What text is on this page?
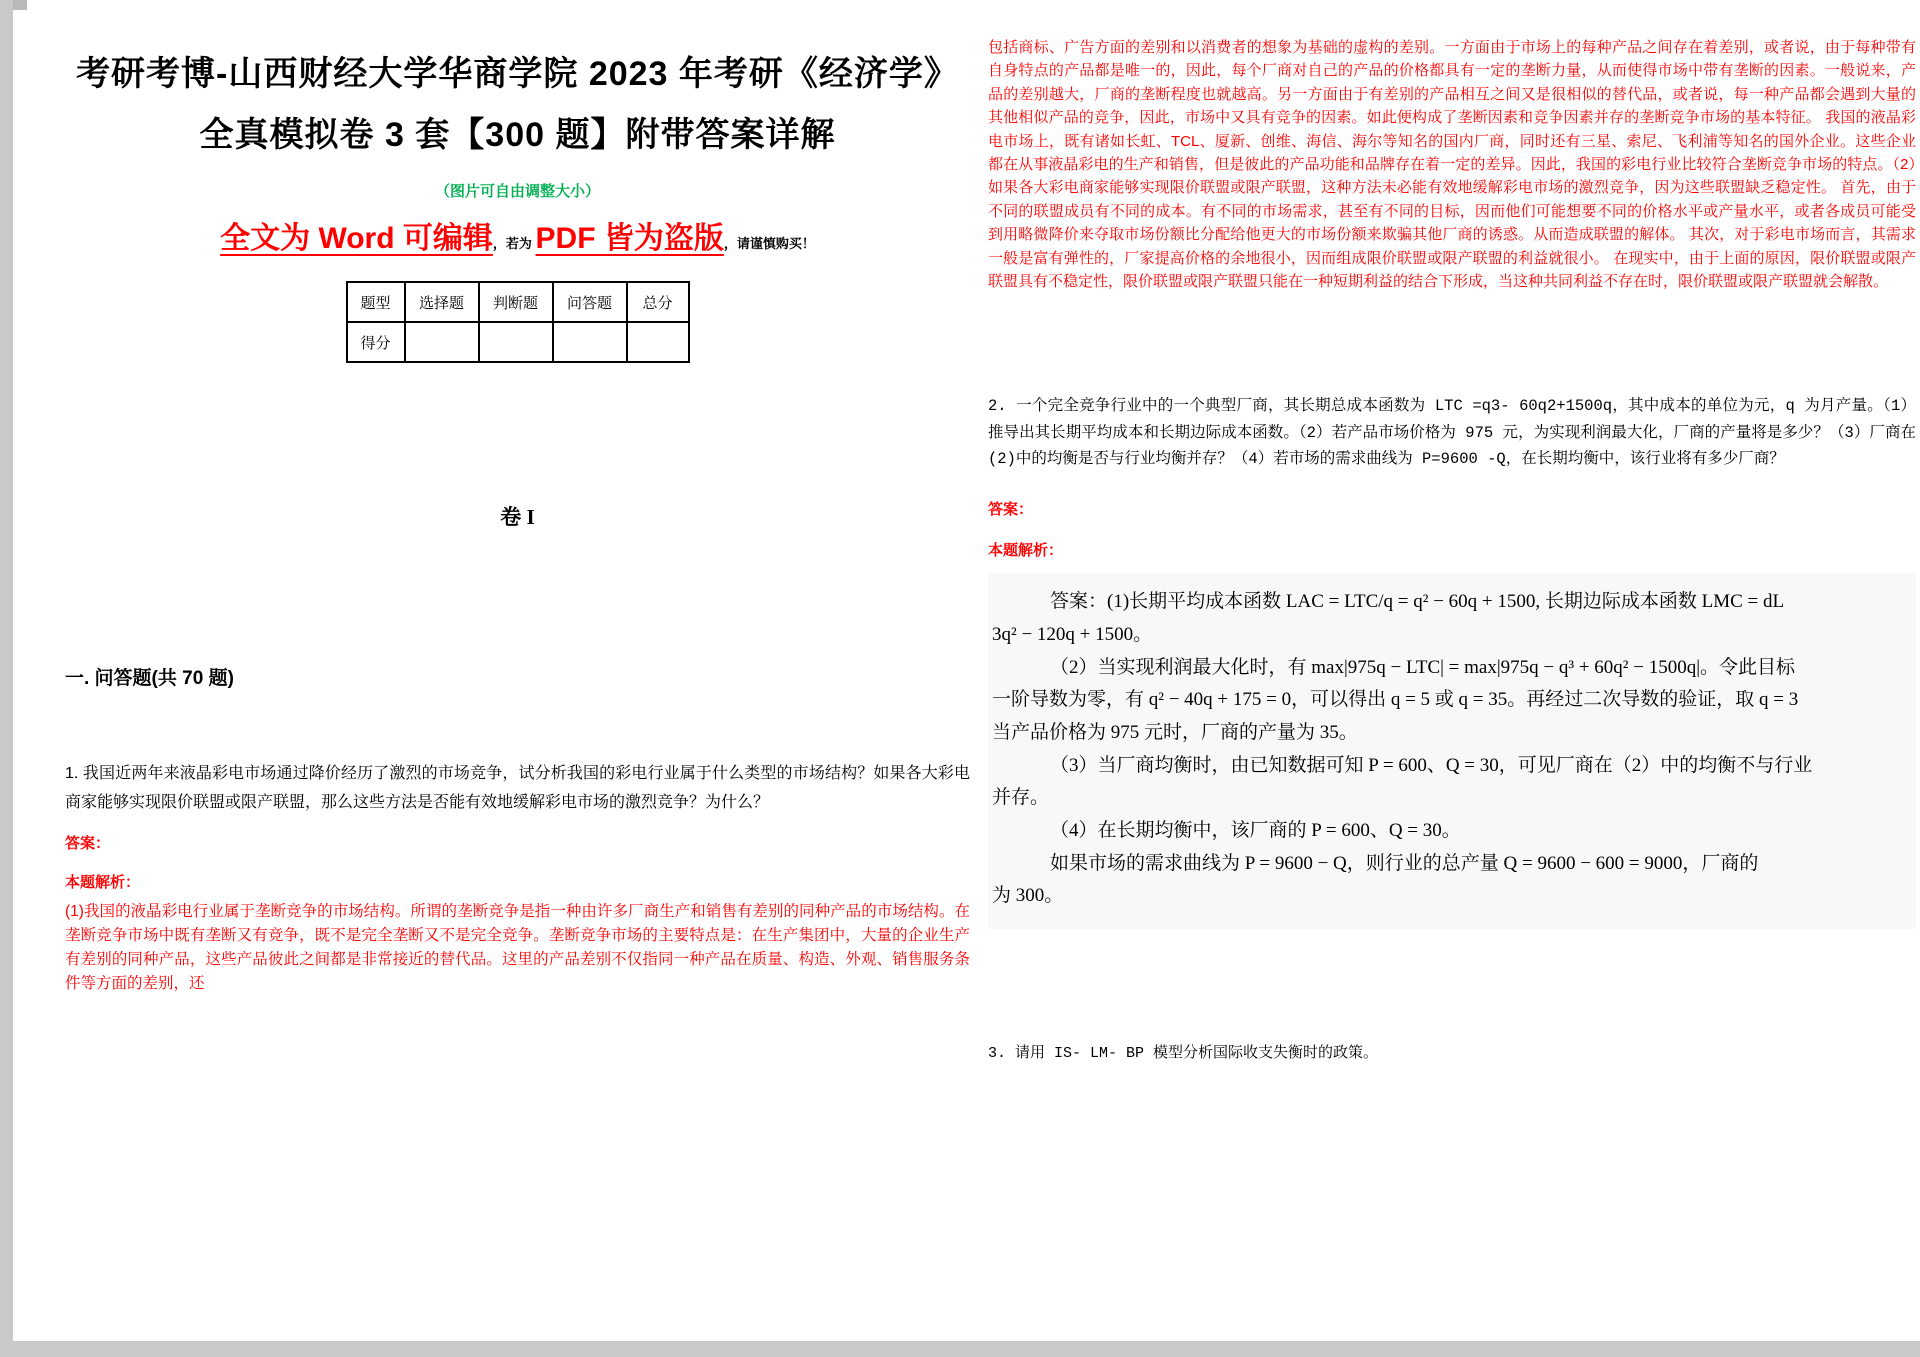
考研考博-山西财经大学华商学院 2023 年考研《经济学》全真模拟卷 3 套【300 题】附带答案详解
（图片可自由调整大小）
全文为 Word 可编辑，若为 PDF 皆为盗版，请谨慎购买！
题型	选择题	判断题	问答题	总分
得分				
卷 I
一. 问答题(共 70 题)
1. 我国近两年来液晶彩电市场通过降价经历了激烈的市场竞争，试分析我国的彩电行业属于什么类型的市场结构？如果各大彩电商家能够实现限价联盟或限产联盟，那么这些方法是否能有效地缓解彩电市场的激烈竞争？为什么？
答案：
本题解析：
(1)我国的液晶彩电行业属于垄断竞争的市场结构。所谓的垄断竞争是指一种由许多厂商生产和销售有差别的同种产品的市场结构。在垄断竞争市场中既有垄断又有竞争，既不是完全垄断又不是完全竞争。垄断竞争市场的主要特点是：在生产集团中，大量的企业生产有差别的同种产品，这些产品彼此之间都是非常接近的替代品。这里的产品差别不仅指同一种产品在质量、构造、外观、销售服务条件等方面的差别，还
包括商标、广告方面的差别和以消费者的想象为基础的虚构的差别。一方面由于市场上的每种产品之间存在着差别，或者说，由于每种带有自身特点的产品都是唯一的，因此，每个厂商对自己的产品的价格都具有一定的垄断力量，从而使得市场中带有垄断的因素。一般说来，产品的差别越大，厂商的垄断程度也就越高。另一方面由于有差别的产品相互之间又是很相似的替代品，或者说，每一种产品都会遇到大量的其他相似产品的竞争，因此，市场中又具有竞争的因素。如此便构成了垄断因素和竞争因素并存的垄断竞争市场的基本特征。 我国的液晶彩电市场上，既有诸如长虹、TCL、厦新、创维、海信、海尔等知名的国内厂商，同时还有三星、索尼、飞利浦等知名的国外企业。这些企业都在从事液晶彩电的生产和销售，但是彼此的产品功能和品牌存在着一定的差异。因此，我国的彩电行业比较符合垄断竞争市场的特点。（2）如果各大彩电商家能够实现限价联盟或限产联盟，这种方法未必能有效地缓解彩电市场的激烈竞争，因为这些联盟缺乏稳定性。 首先，由于不同的联盟成员有不同的成本。有不同的市场需求，甚至有不同的目标，因而他们可能想要不同的价格水平或产量水平，或者各成员可能受到用略微降价来夺取市场份额比分配给他更大的市场份额来欺骗其他厂商的诱惑。从而造成联盟的解体。 其次，对于彩电市场而言，其需求一般是富有弹性的，厂家提高价格的余地很小，因而组成限价联盟或限产联盟的利益就很小。 在现实中，由于上面的原因，限价联盟或限产联盟具有不稳定性，限价联盟或限产联盟只能在一种短期利益的结合下形成，当这种共同利益不存在时，限价联盟或限产联盟就会解散。
2. 一个完全竞争行业中的一个典型厂商，其长期总成本函数为 LTC =q3- 60q2+1500q，其中成本的单位为元，q 为月产量。（1）推导出其长期平均成本和长期边际成本函数。（2）若产品市场价格为 975 元，为实现利润最大化，厂商的产量将是多少？（3）厂商在(2)中的均衡是否与行业均衡并存？（4）若市场的需求曲线为 P=9600 -Q，在长期均衡中，该行业将有多少厂商？
答案：
本题解析：
答案：(1)长期平均成本函数 LAC = LTC/q = q² − 60q + 1500, 长期边际成本函数 LMC = dL
3q² − 120q + 1500。
（2）当实现利润最大化时，有 max|975q − LTC| = max|975q − q³ + 60q² − 1500q|。令此目标
一阶导数为零，有 q² − 40q + 175 = 0，可以得出 q = 5 或 q = 35。再经过二次导数的验证，取 q = 3
当产品价格为 975 元时，厂商的产量为 35。
（3）当厂商均衡时，由已知数据可知 P = 600、Q = 30，可见厂商在（2）中的均衡不与行业
并存。
（4）在长期均衡中，该厂商的 P = 600、Q = 30。
如果市场的需求曲线为 P = 9600 − Q，则行业的总产量 Q = 9600 − 600 = 9000，厂商的
为 300。
3. 请用 IS- LM- BP 模型分析国际收支失衡时的政策。
